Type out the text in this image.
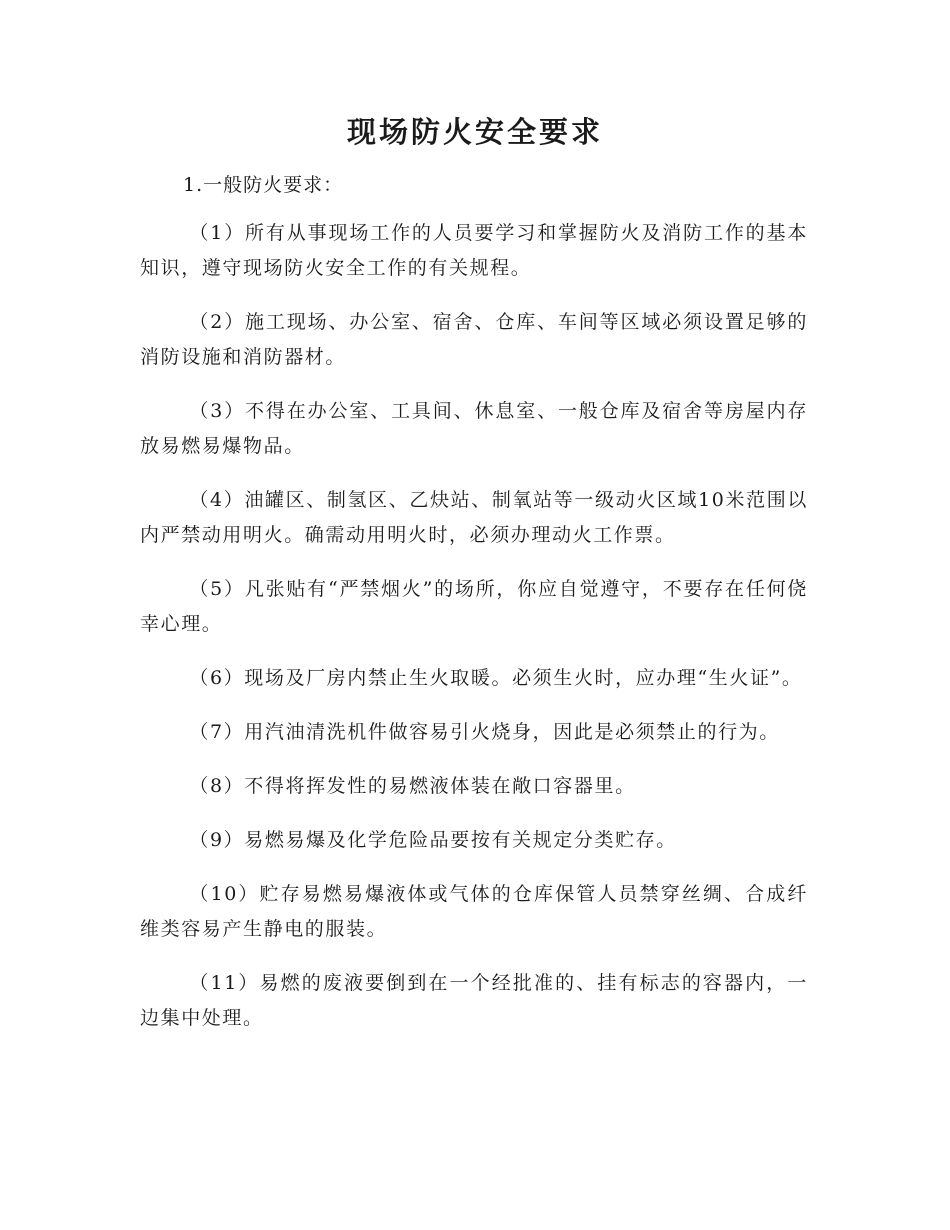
现场防火安全要求

1.一般防火要求：

（1）所有从事现场工作的人员要学习和掌握防火及消防工作的基本知识，遵守现场防火安全工作的有关规程。
（2）施工现场、办公室、宿舍、仓库、车间等区域必须设置足够的消防设施和消防器材。
（3）不得在办公室、工具间、休息室、一般仓库及宿舍等房屋内存放易燃易爆物品。
（4）油罐区、制氢区、乙炔站、制氧站等一级动火区域10米范围以内严禁动用明火。确需动用明火时，必须办理动火工作票。
（5）凡张贴有“严禁烟火”的场所，你应自觉遵守，不要存在任何侥幸心理。
（6）现场及厂房内禁止生火取暖。必须生火时，应办理“生火证”。
（7）用汽油清洗机件做容易引火烧身，因此是必须禁止的行为。
（8）不得将挥发性的易燃液体装在敞口容器里。
（9）易燃易爆及化学危险品要按有关规定分类贮存。
（10）贮存易燃易爆液体或气体的仓库保管人员禁穿丝绸、合成纤维类容易产生静电的服装。
（11）易燃的废液要倒到在一个经批准的、挂有标志的容器内，一边集中处理。
